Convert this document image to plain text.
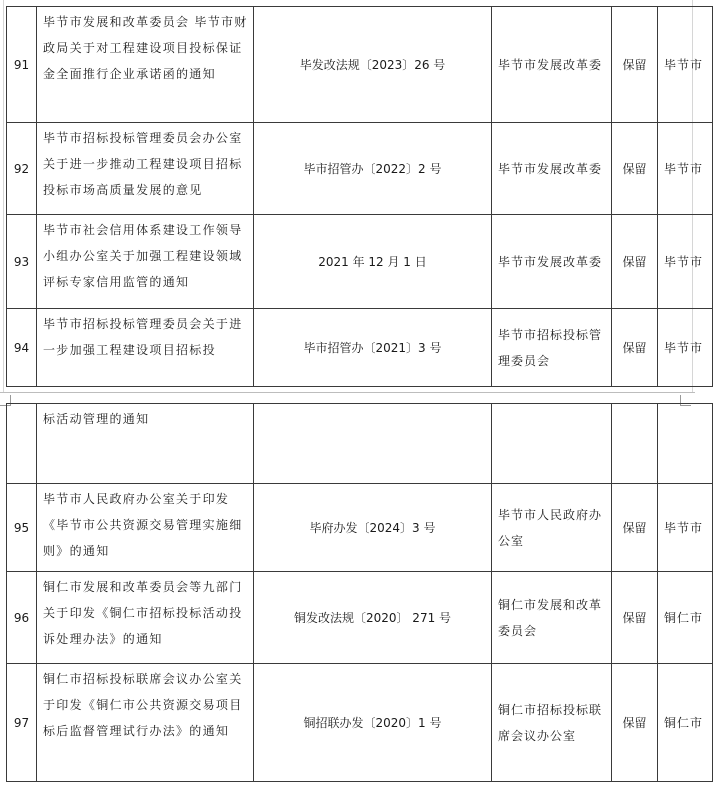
91	毕节市发展和改革委员会 毕节市财政局关于对工程建设项目投标保证金全面推行企业承诺函的通知	毕发改法规〔2023〕26 号	毕节市发展改革委	保留	毕节市
92	毕节市招标投标管理委员会办公室关于进一步推动工程建设项目招标投标市场高质量发展的意见	毕市招管办〔2022〕2 号	毕节市发展改革委	保留	毕节市
93	毕节市社会信用体系建设工作领导小组办公室关于加强工程建设领域评标专家信用监管的通知	2021 年 12 月 1 日	毕节市发展改革委	保留	毕节市
94	毕节市招标投标管理委员会关于进一步加强工程建设项目招标投	毕市招管办〔2021〕3 号	毕节市招标投标管理委员会	保留	毕节市

	标活动管理的通知				

95	毕节市人民政府办公室关于印发《毕节市公共资源交易管理实施细则》的通知	毕府办发〔2024〕3 号	毕节市人民政府办公室	保留	毕节市
96	铜仁市发展和改革委员会等九部门关于印发《铜仁市招标投标活动投诉处理办法》的通知	铜发改法规〔2020〕 271 号	铜仁市发展和改革委员会	保留	铜仁市
97	铜仁市招标投标联席会议办公室关于印发《铜仁市公共资源交易项目标后监督管理试行办法》的通知	铜招联办发〔2020〕1 号	铜仁市招标投标联席会议办公室	保留	铜仁市
